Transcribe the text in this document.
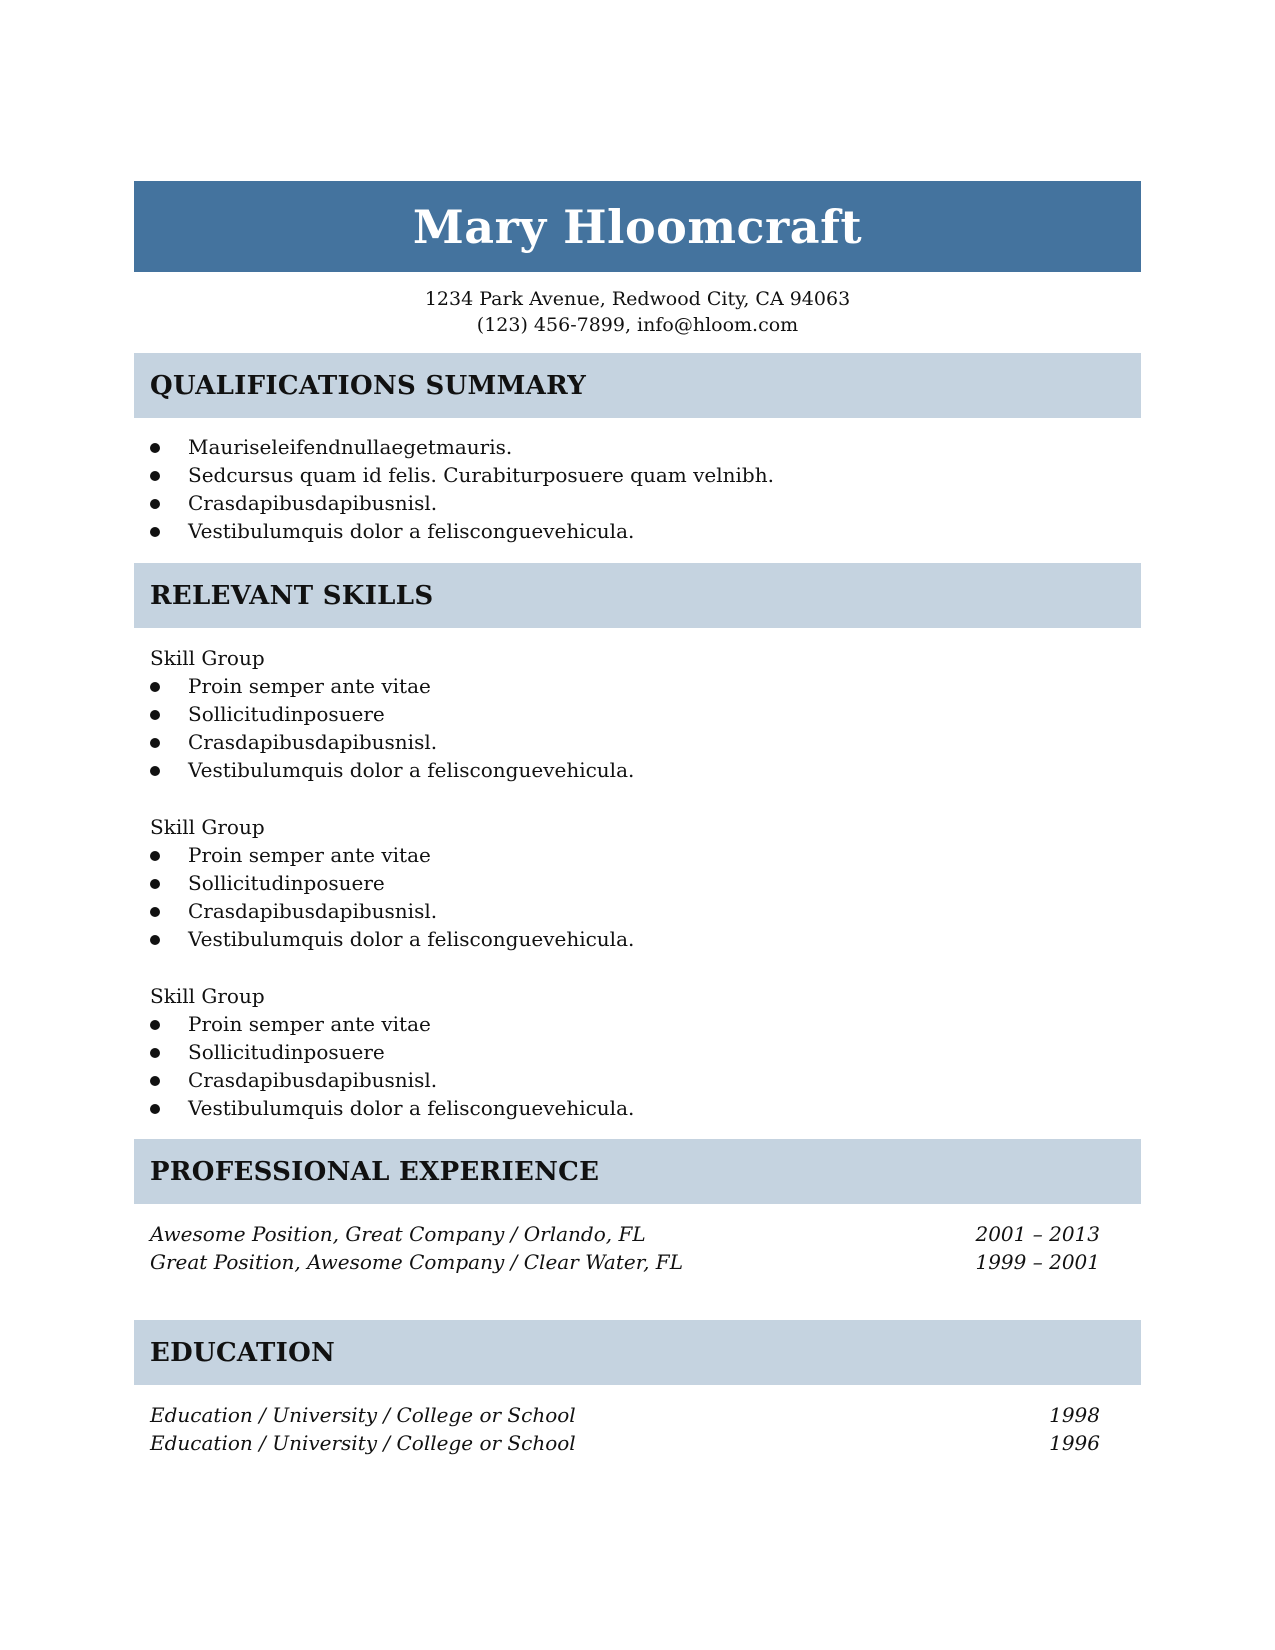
Mary Hloomcraft
1234 Park Avenue, Redwood City, CA 94063
(123) 456-7899, info@hloom.com
QUALIFICATIONS SUMMARY
Mauriseleifendnullaegetmauris.
Sedcursus quam id felis. Curabiturposuere quam velnibh.
Crasdapibusdapibusnisl.
Vestibulumquis dolor a felisconguevehicula.
RELEVANT SKILLS
Skill Group
Proin semper ante vitae
Sollicitudinposuere
Crasdapibusdapibusnisl.
Vestibulumquis dolor a felisconguevehicula.
Skill Group
Proin semper ante vitae
Sollicitudinposuere
Crasdapibusdapibusnisl.
Vestibulumquis dolor a felisconguevehicula.
Skill Group
Proin semper ante vitae
Sollicitudinposuere
Crasdapibusdapibusnisl.
Vestibulumquis dolor a felisconguevehicula.
PROFESSIONAL EXPERIENCE
Awesome Position, Great Company / Orlando, FL	2001 – 2013
Great Position, Awesome Company / Clear Water, FL	1999 – 2001
EDUCATION
Education / University / College or School	1998
Education / University / College or School	1996
